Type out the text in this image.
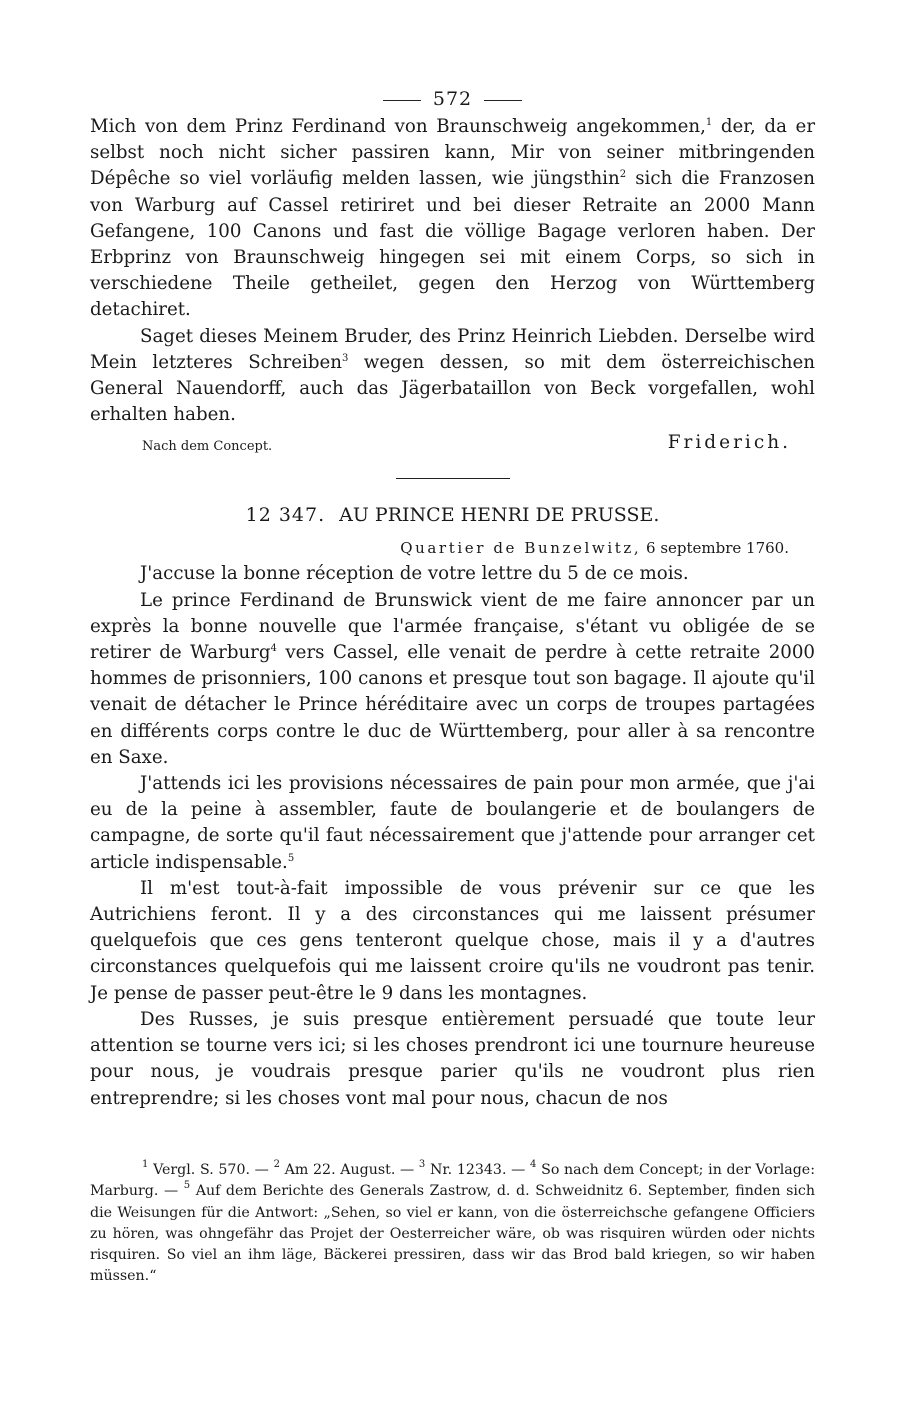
572

Mich von dem Prinz Ferdinand von Braunschweig angekommen,$^1$ der, da er selbst noch nicht sicher passiren kann, Mir von seiner mitbringenden Dépêche so viel vorläufig melden lassen, wie jüngsthin$^2$ sich die Franzosen von Warburg auf Cassel retiriret und bei dieser Retraite an 2000 Mann Gefangene, 100 Canons und fast die völlige Bagage verloren haben. Der Erbprinz von Braunschweig hingegen sei mit einem Corps, so sich in verschiedene Theile getheilet, gegen den Herzog von Württemberg detachiret.

Saget dieses Meinem Bruder, des Prinz Heinrich Liebden. Derselbe wird Mein letzteres Schreiben$^3$ wegen dessen, so mit dem österreichischen General Nauendorff, auch das Jägerbataillon von Beck vorgefallen, wohl erhalten haben.

Nach dem Concept.	Friderich.
12 347. AU PRINCE HENRI DE PRUSSE.
Quartier de Bunzelwitz, 6 septembre 1760.

J'accuse la bonne réception de votre lettre du 5 de ce mois.

Le prince Ferdinand de Brunswick vient de me faire annoncer par un exprès la bonne nouvelle que l'armée française, s'étant vu obligée de se retirer de Warburg$^4$ vers Cassel, elle venait de perdre à cette retraite 2000 hommes de prisonniers, 100 canons et presque tout son bagage. Il ajoute qu'il venait de détacher le Prince héréditaire avec un corps de troupes partagées en différents corps contre le duc de Württemberg, pour aller à sa rencontre en Saxe.

J'attends ici les provisions nécessaires de pain pour mon armée, que j'ai eu de la peine à assembler, faute de boulangerie et de boulangers de campagne, de sorte qu'il faut nécessairement que j'attende pour arranger cet article indispensable.$^5$

Il m'est tout-à-fait impossible de vous prévenir sur ce que les Autrichiens feront. Il y a des circonstances qui me laissent présumer quelquefois que ces gens tenteront quelque chose, mais il y a d'autres circonstances quelquefois qui me laissent croire qu'ils ne voudront pas tenir. Je pense de passer peut-être le 9 dans les montagnes.

Des Russes, je suis presque entièrement persuadé que toute leur attention se tourne vers ici; si les choses prendront ici une tournure heureuse pour nous, je voudrais presque parier qu'ils ne voudront plus rien entreprendre; si les choses vont mal pour nous, chacun de nos

$^1$ Vergl. S. 570. — $^2$ Am 22. August. — $^3$ Nr. 12343. — $^4$ So nach dem Concept; in der Vorlage: Marburg. — $^5$ Auf dem Berichte des Generals Zastrow, d. d. Schweidnitz 6. September, finden sich die Weisungen für die Antwort: „Sehen, so viel er kann, von die österreichsche gefangene Officiers zu hören, was ohngefähr das Projet der Oesterreicher wäre, ob was risquiren würden oder nichts risquiren. So viel an ihm läge, Bäckerei pressiren, dass wir das Brod bald kriegen, so wir haben müssen.“
